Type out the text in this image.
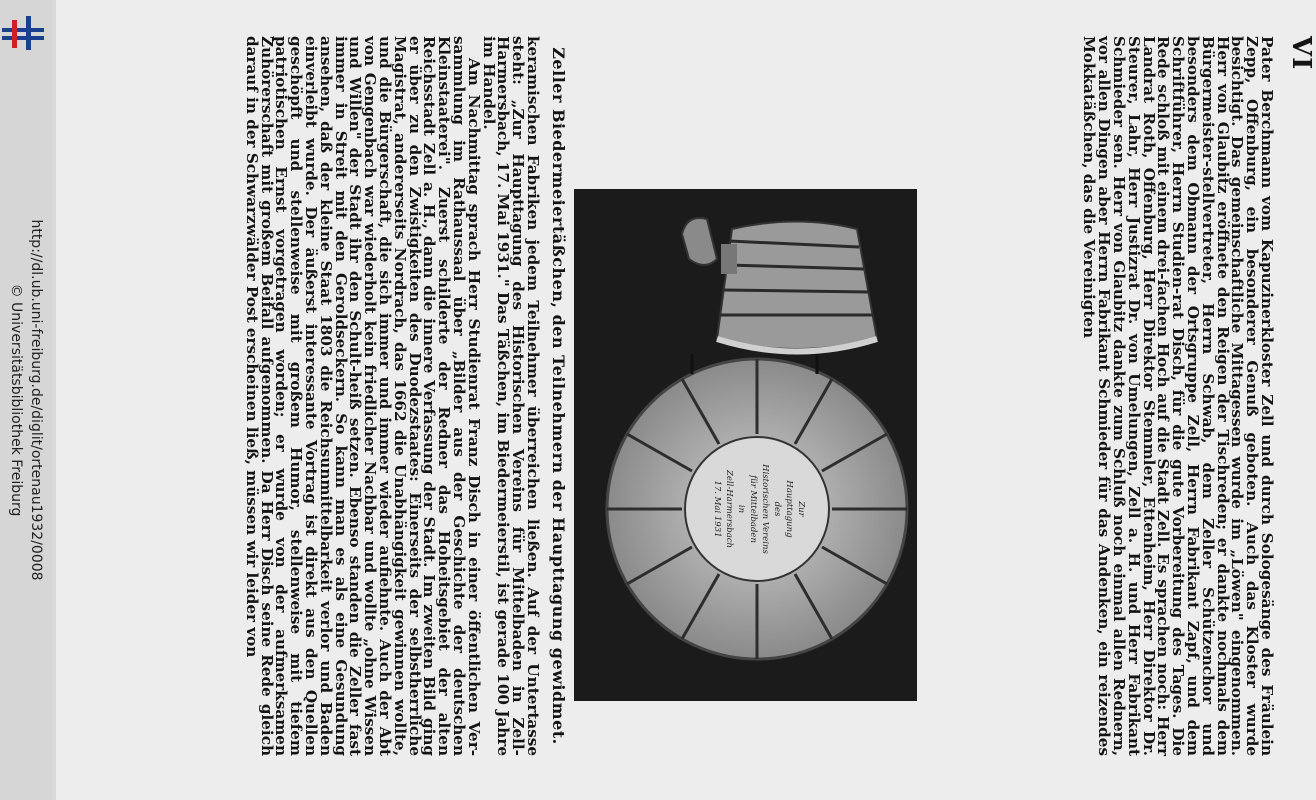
http://dl.ub.uni-freiburg.de/diglit/ortenau1932/0008
© Universitätsbibliothek Freiburg
VI
Pater Berchmann vom Kapuzinerkloster Zell und durch Sologesänge des Fräulein Zepp, Offenburg, ein besonderer Genuß geboten. Auch das Kloster wurde besichtigt. Das gemeinschaftliche Mittagessen wurde im „Löwen" eingenommen. Herr von Glaubitz eröffnete den Reigen der Tischreden; er dankte nochmals dem Bürgermeister-stellvertreter, Herrn Schwab, dem Zeller Schützenchor und besonders dem Obmann der Ortsgruppe Zell, Herrn Fabrikant Zapf, und dem Schriftführer, Herrn Studien-rat Disch, für die gute Vorbereitung des Tages. Die Rede schloß mit einem drei-fachen Hoch auf die Stadt Zell. Es sprachen noch: Herr Landrat Roth, Offenburg, Herr Direktor Stemmler, Ettenheim, Herr Direktor Dr. Steurer, Lahr, Herr Justizrat Dr. von Umelungen, Zell a. H. und Herr Fabrikant Schmieder sen. Herr von Glaubitz dankte zum Schluß noch einmal allen Rednern, vor allen Dingen aber Herrn Fabrikant Schmieder für das Andenken, ein reizendes Mokkatäßchen, das die Vereinigten
Zur
Haupttagung
des
Historischen Vereins
für Mittelbaden
in
Zell-Harmersbach
17. Mai 1931
Zeller Biedermeiertäßchen, den Teilnehmern der Haupttagung gewidmet.
keramischen Fabriken jedem Teilnehmer überreichen ließen. Auf der Untertasse steht: „Zur Haupttagung des Historischen Vereins für Mittelbaden in Zell-Harmersbach, 17. Mai 1931." Das Täßchen, im Biedermeierstil, ist gerade 100 Jahre im Handel.
Am Nachmittag sprach Herr Studienrat Franz Disch in einer öffentlichen Ver-sammlung im Rathaussaal über „Bilder aus der Geschichte der deutschen Kleinstaaterei". Zuerst schilderte der Redner das Hoheitsgebiet der alten Reichsstadt Zell a. H., dann die innere Verfassung der Stadt. Im zweiten Bild ging er über zu den Zwistigkeiten des Duodezstaates: Einerseits der selbstherrliche Magistrat, andererseits Nordrach, das 1662 die Unabhängigkeit gewinnen wollte, und die Bürgerschaft, die sich immer und immer wieder aufiehnte. Auch der Abt von Gengenbach war wiederholt kein friedlicher Nachbar und wollte „ohne Wissen und Willen" der Stadt ihr den Schult-heiß setzen. Ebenso standen die Zeller fast immer in Streit mit den Geroldseckern. So kann man es als eine Gesundung ansehen, daß der kleine Staat 1803 die Reichsunmittelbarkeit verlor und Baden einverleibt wurde. Der äußerst interessante Vortrag ist direkt aus den Quellen geschöpft und stellenweise mit großem Humor, stellenweise mit tiefem patriotischen Ernst vorgetragen worden; er wurde von der aufmerksamen Zuhörerschaft mit großem Beifall aufgenommen. Da Herr Disch seine Rede gleich darauf in der Schwarzwälder Post erscheinen ließ, müssen wir leider von
